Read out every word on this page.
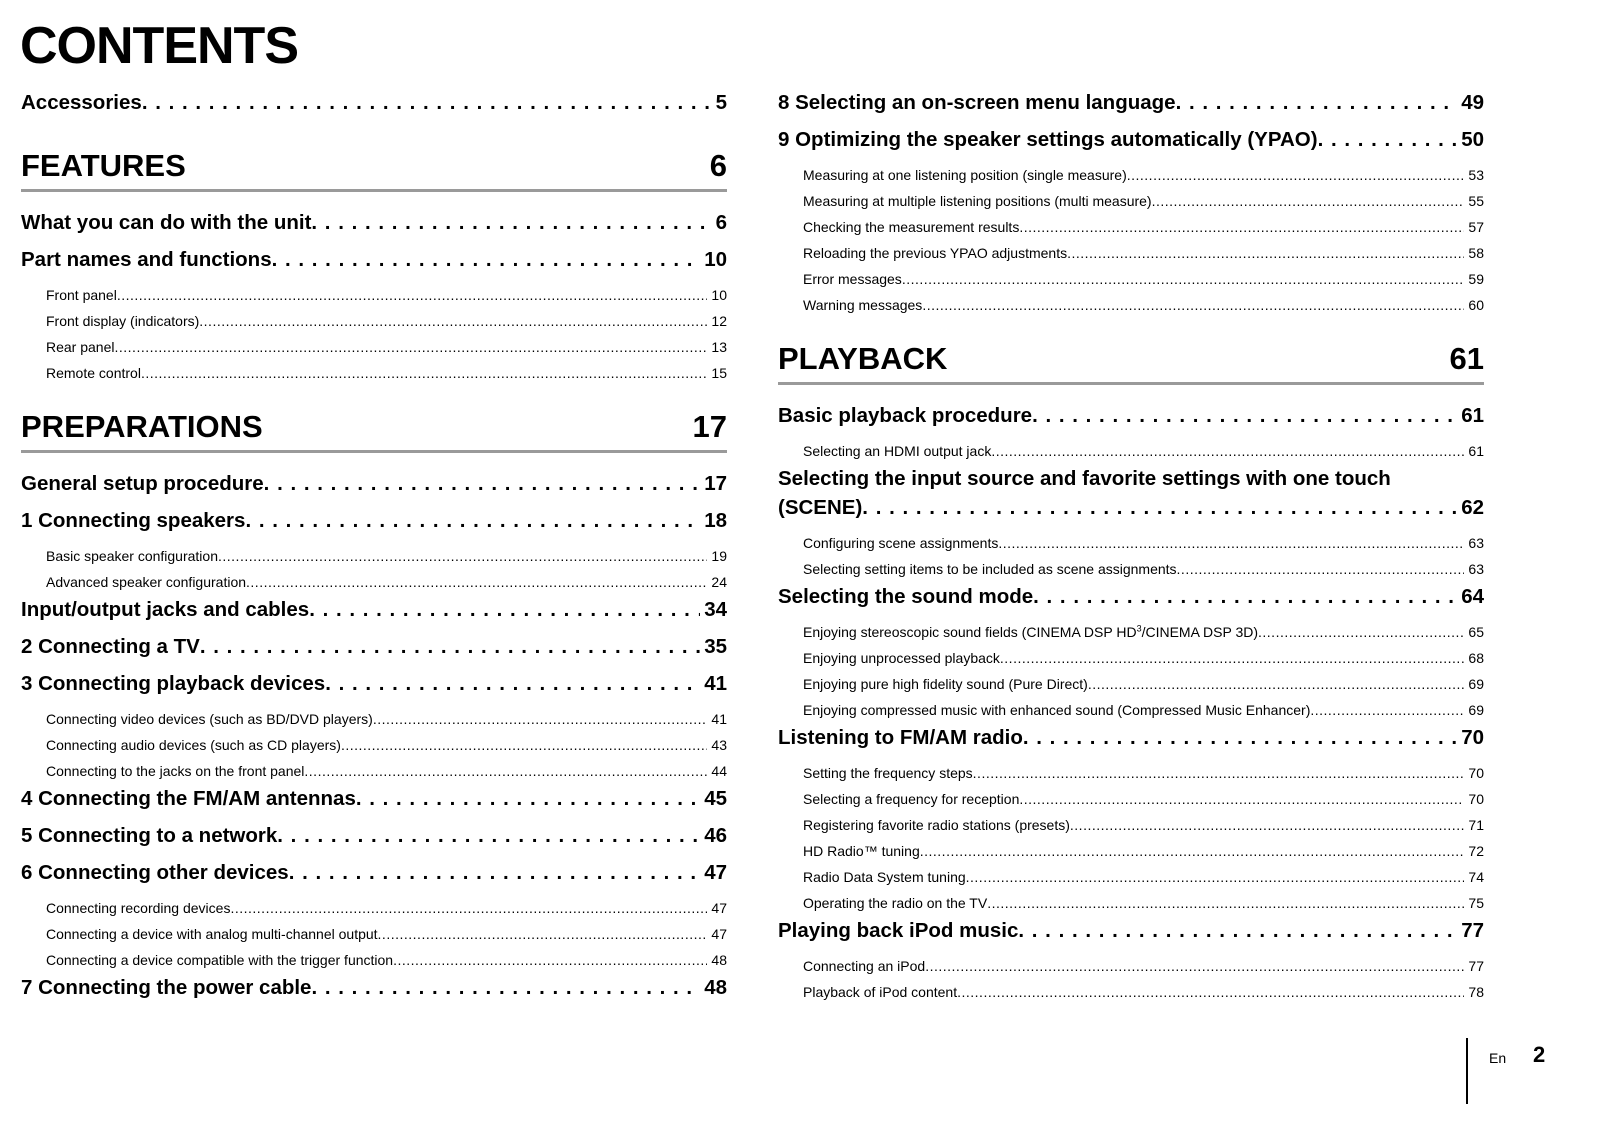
CONTENTS
Accessories . . .	5
FEATURES	6
What you can do with the unit . . .	6
Part names and functions . . .	10
Front panel .....	10
Front display (indicators) .....	12
Rear panel .....	13
Remote control .....	15
PREPARATIONS	17
General setup procedure . . .	17
1 Connecting speakers . . .	18
Basic speaker configuration .....	19
Advanced speaker configuration .....	24
Input/output jacks and cables . . .	34
2 Connecting a TV . . .	35
3 Connecting playback devices . . .	41
Connecting video devices (such as BD/DVD players) .....	41
Connecting audio devices (such as CD players) .....	43
Connecting to the jacks on the front panel .....	44
4 Connecting the FM/AM antennas . . .	45
5 Connecting to a network . . .	46
6 Connecting other devices . . .	47
Connecting recording devices .....	47
Connecting a device with analog multi-channel output .....	47
Connecting a device compatible with the trigger function .....	48
7 Connecting the power cable . . .	48
8 Selecting an on-screen menu language . . .	49
9 Optimizing the speaker settings automatically (YPAO) . . .	50
Measuring at one listening position (single measure) .....	53
Measuring at multiple listening positions (multi measure) .....	55
Checking the measurement results .....	57
Reloading the previous YPAO adjustments .....	58
Error messages .....	59
Warning messages .....	60
PLAYBACK	61
Basic playback procedure . . .	61
Selecting an HDMI output jack .....	61
Selecting the input source and favorite settings with one touch
(SCENE) . . .	62
Configuring scene assignments .....	63
Selecting setting items to be included as scene assignments .....	63
Selecting the sound mode . . .	64
Enjoying stereoscopic sound fields (CINEMA DSP $HD^3$/CINEMA DSP 3D) .....	65
Enjoying unprocessed playback .....	68
Enjoying pure high fidelity sound (Pure Direct) .....	69
Enjoying compressed music with enhanced sound (Compressed Music Enhancer) .....	69
Listening to FM/AM radio . . .	70
Setting the frequency steps .....	70
Selecting a frequency for reception .....	70
Registering favorite radio stations (presets) .....	71
HD Radio™ tuning .....	72
Radio Data System tuning .....	74
Operating the radio on the TV .....	75
Playing back iPod music . . .	77
Connecting an iPod .....	77
Playback of iPod content .....	78
En 2
